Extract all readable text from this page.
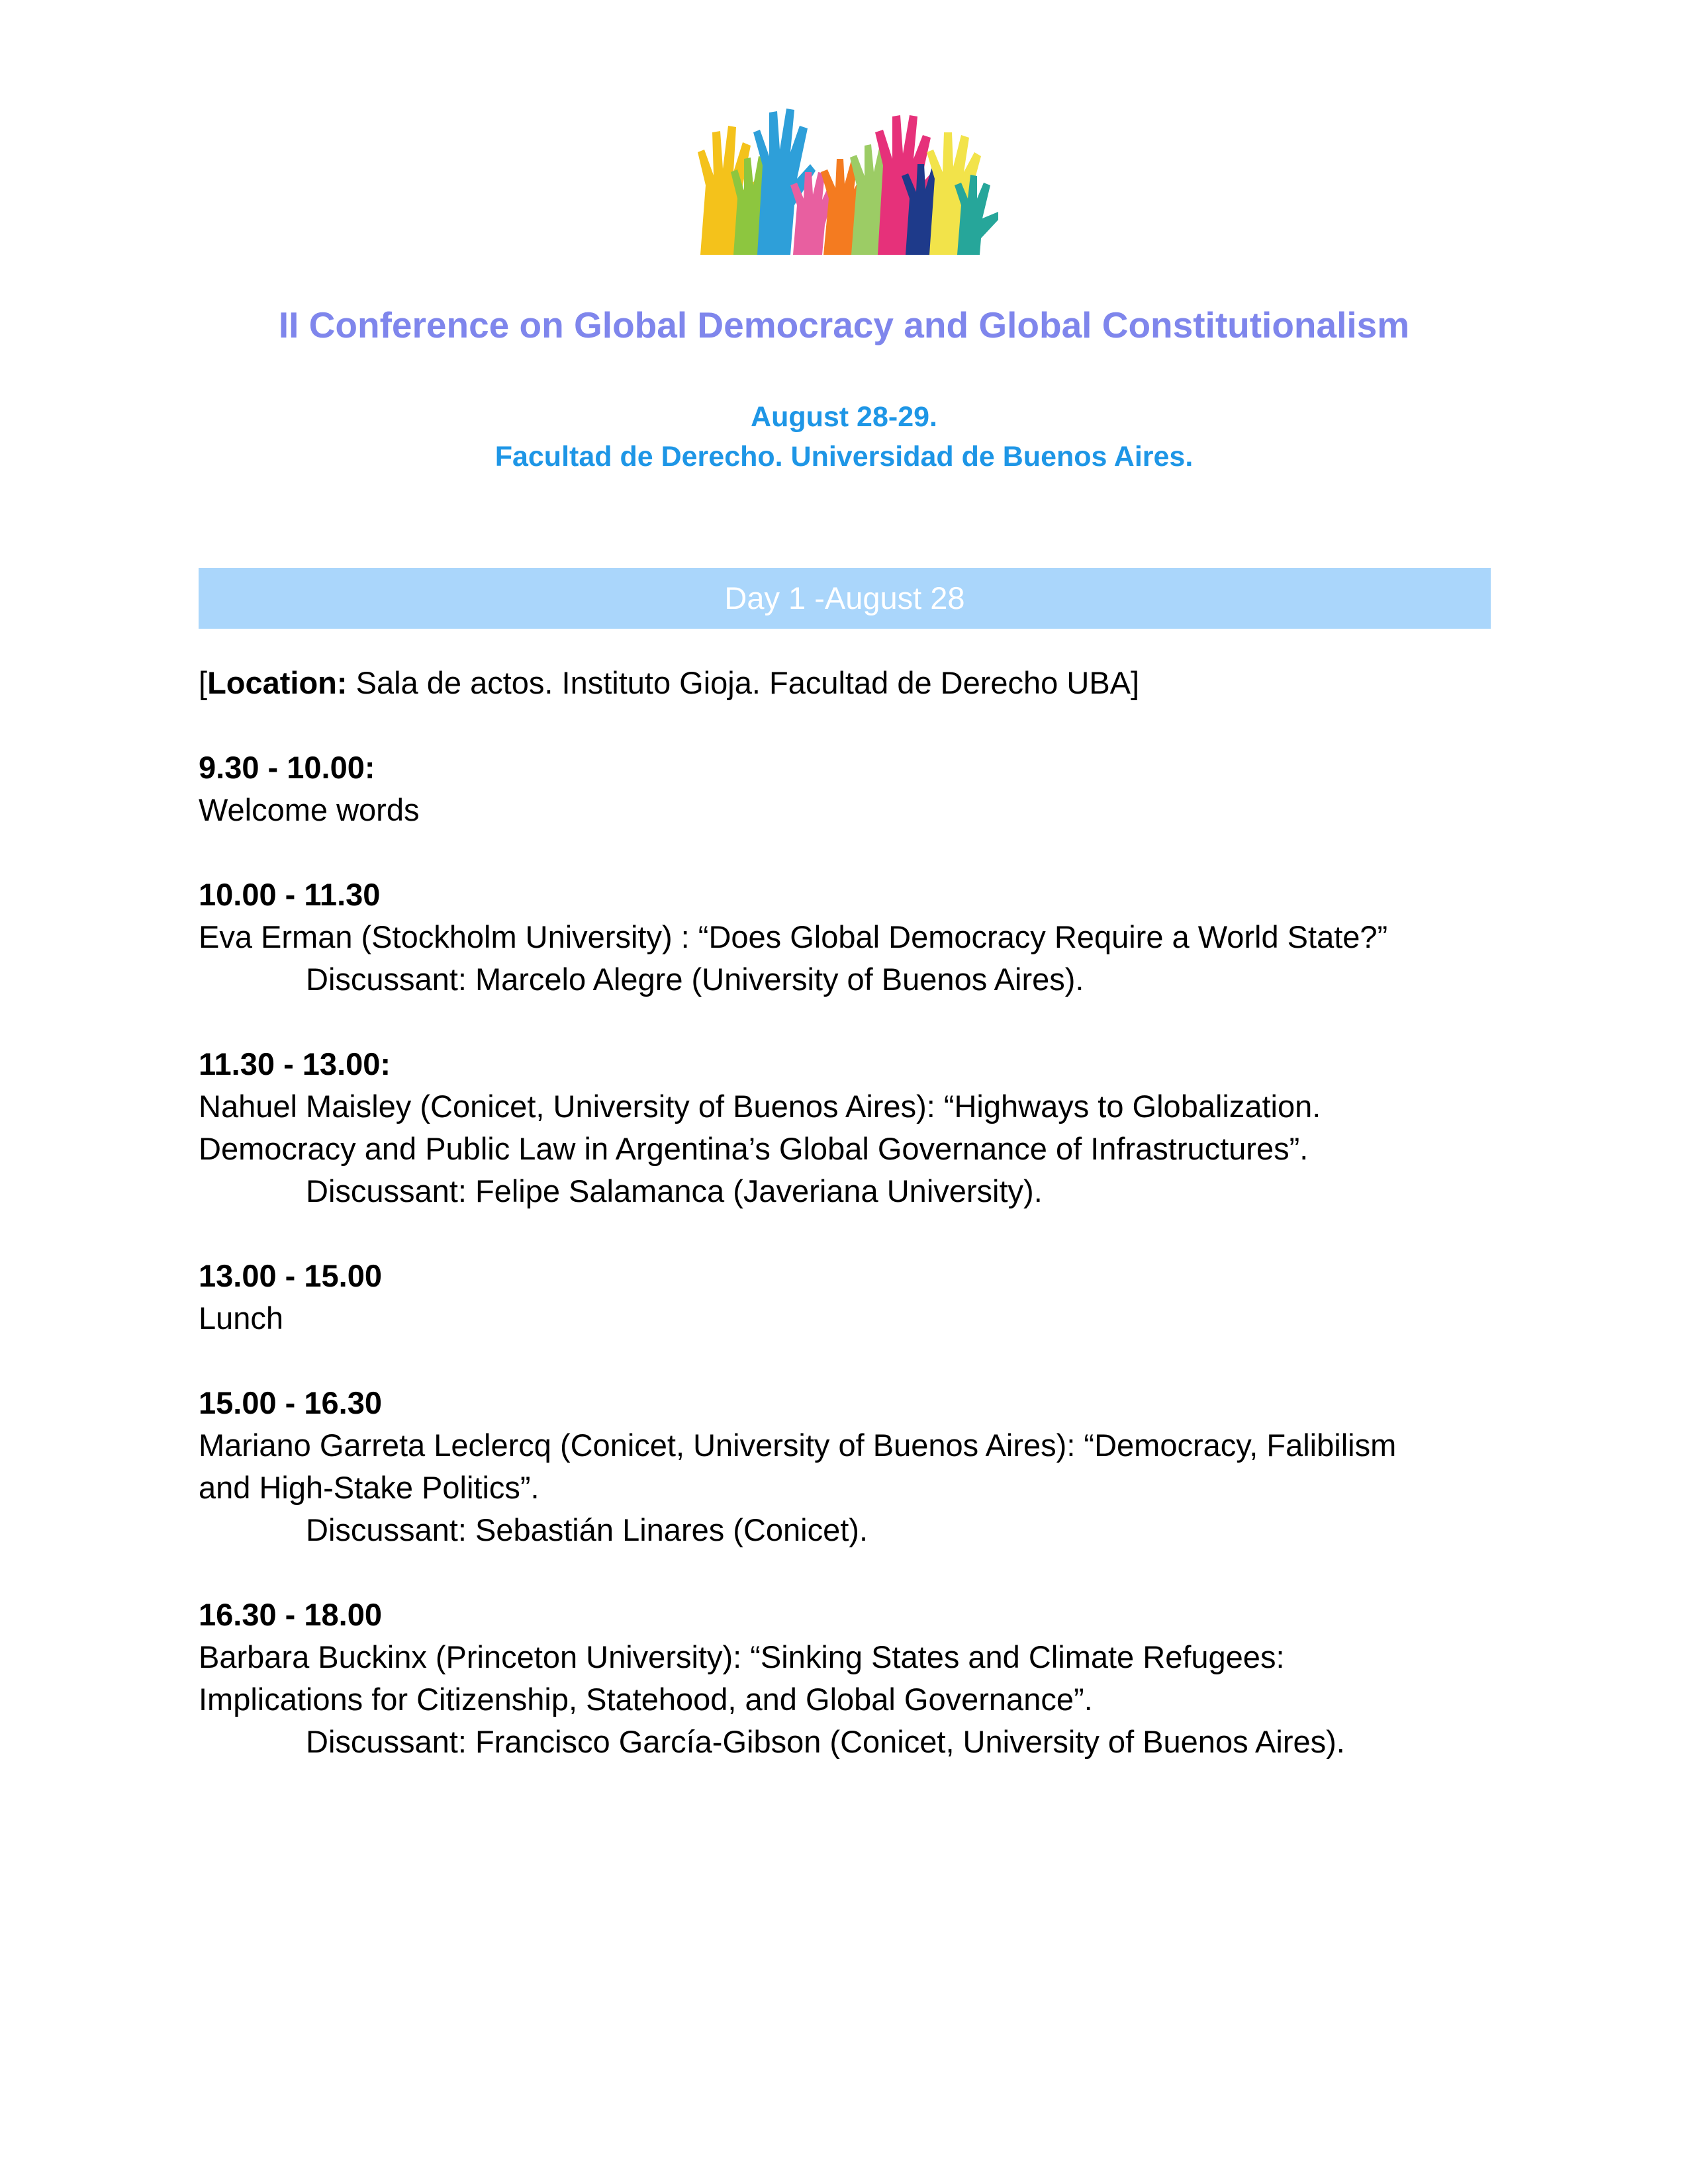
II Conference on Global Democracy and Global Constitutionalism
August 28-29.
Facultad de Derecho. Universidad de Buenos Aires.
Day 1 -August 28

[Location: Sala de actos. Instituto Gioja. Facultad de Derecho UBA]

9.30 - 10.00:

Welcome words

10.00 - 11.30

Eva Erman (Stockholm University) : “Does Global Democracy Require a World State?”

Discussant: Marcelo Alegre (University of Buenos Aires).

11.30 - 13.00:

Nahuel Maisley (Conicet, University of Buenos Aires): “Highways to Globalization.

Democracy and Public Law in Argentina’s Global Governance of Infrastructures”.

Discussant: Felipe Salamanca (Javeriana University).

13.00 - 15.00

Lunch

15.00 - 16.30

Mariano Garreta Leclercq (Conicet, University of Buenos Aires): “Democracy, Falibilism

and High-Stake Politics”.

Discussant: Sebastián Linares (Conicet).

16.30 - 18.00

Barbara Buckinx (Princeton University): “Sinking States and Climate Refugees:

Implications for Citizenship, Statehood, and Global Governance”.

Discussant: Francisco García-Gibson (Conicet, University of Buenos Aires).
